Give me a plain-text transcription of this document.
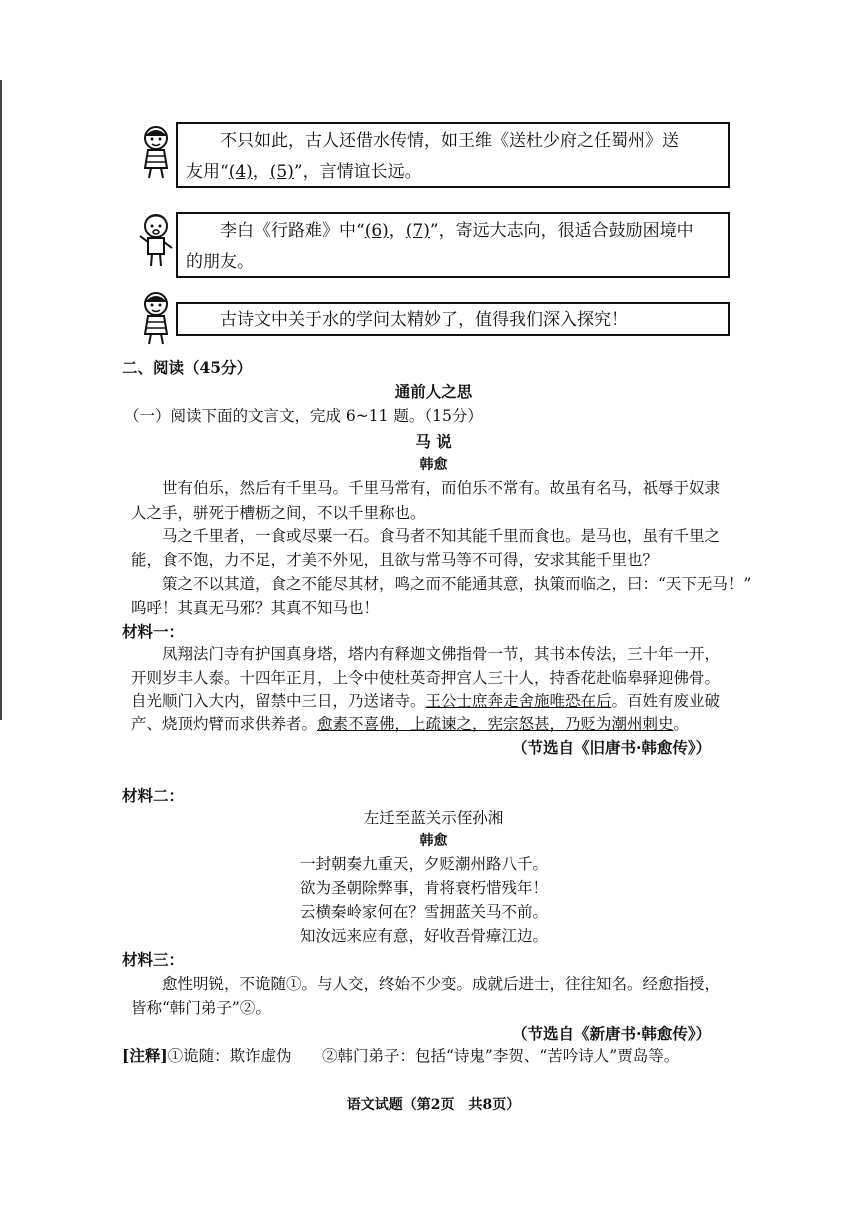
不只如此，古人还借水传情，如王维《送杜少府之任蜀州》送
友用“(4)，(5)”，言情谊长远。
李白《行路难》中“(6)，(7)”，寄远大志向，很适合鼓励困境中
的朋友。
古诗文中关于水的学问太精妙了，值得我们深入探究！
二、阅读（45分）
通前人之思
（一）阅读下面的文言文，完成 6~11 题。（15分）
马 说
韩愈
世有伯乐，然后有千里马。千里马常有，而伯乐不常有。故虽有名马，祇辱于奴隶
人之手，骈死于槽枥之间，不以千里称也。
马之千里者，一食或尽粟一石。食马者不知其能千里而食也。是马也，虽有千里之
能，食不饱，力不足，才美不外见，且欲与常马等不可得，安求其能千里也？
策之不以其道，食之不能尽其材，鸣之而不能通其意，执策而临之，曰：“天下无马！”
呜呼！其真无马邪？其真不知马也！
材料一：
凤翔法门寺有护国真身塔，塔内有释迦文佛指骨一节，其书本传法，三十年一开，
开则岁丰人泰。十四年正月，上令中使杜英奇押宫人三十人，持香花赴临皋驿迎佛骨。
自光顺门入大内，留禁中三日，乃送诸寺。王公士庶奔走舍施唯恐在后。百姓有废业破
产、烧顶灼臂而求供养者。愈素不喜佛，上疏谏之，宪宗怒甚，乃贬为潮州刺史。
（节选自《旧唐书·韩愈传》）
材料二：
左迁至蓝关示侄孙湘
韩愈
一封朝奏九重天，夕贬潮州路八千。
欲为圣朝除弊事，肯将衰朽惜残年！
云横秦岭家何在？雪拥蓝关马不前。
知汝远来应有意，好收吾骨瘴江边。
材料三：
愈性明锐，不诡随①。与人交，终始不少变。成就后进士，往往知名。经愈指授，
皆称“韩门弟子”②。
（节选自《新唐书·韩愈传》）
[注释]①诡随：欺诈虚伪 ②韩门弟子：包括“诗鬼”李贺、“苦吟诗人”贾岛等。
语文试题（第2页　共8页）
